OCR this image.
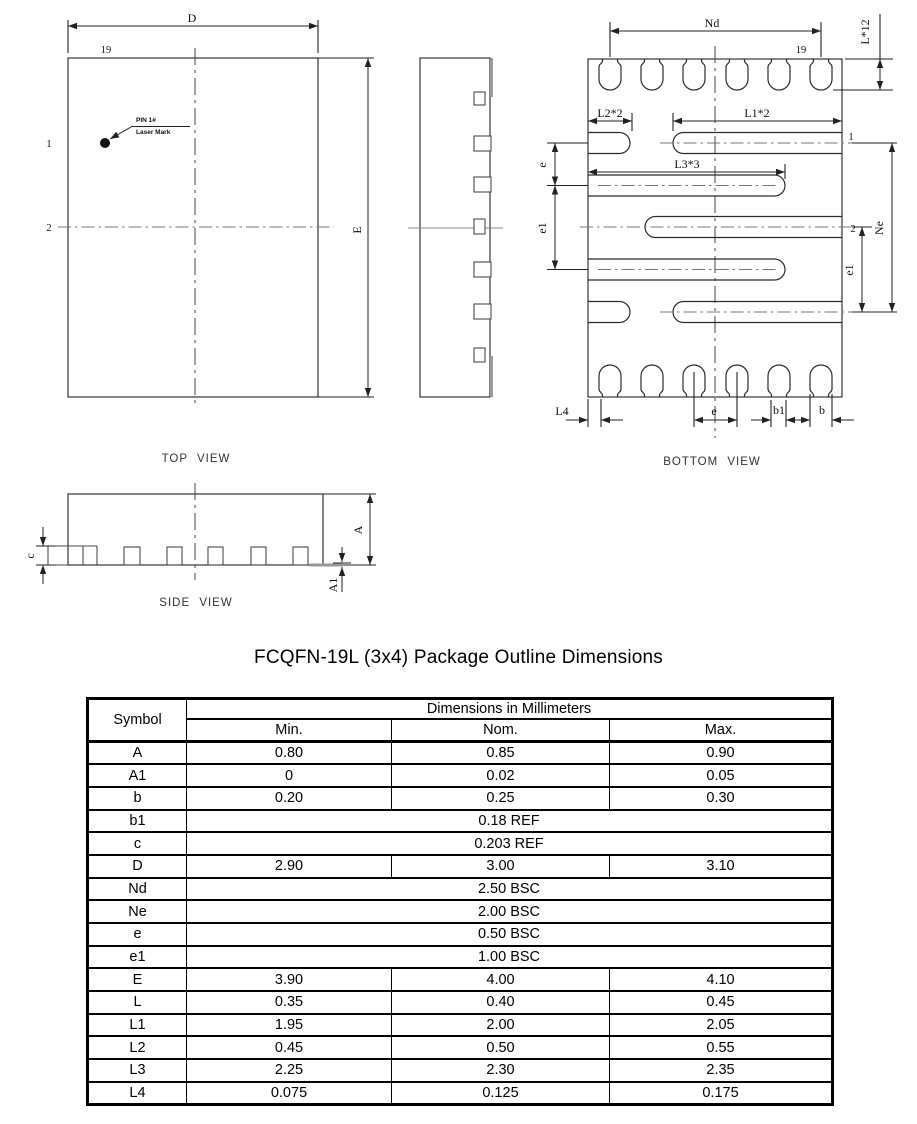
D
E
19
1
2
PIN 1#
Laser Mark
TOP VIEW
Nd
19
L*12
L2*2	L1*2
L3*3
e
e1	Ne
e1
1
2
L4	e	b1	b
BOTTOM VIEW
c
A
A1
SIDE VIEW
FCQFN-19L (3x4) Package Outline Dimensions
Symbol	Dimensions in Millimeters		
	Min.	Nom.	Max.
A	0.80	0.85	0.90
A1	0	0.02	0.05
b	0.20	0.25	0.30
b1	0.18 REF		
c	0.203 REF		
D	2.90	3.00	3.10
Nd	2.50 BSC		
Ne	2.00 BSC		
e	0.50 BSC		
e1	1.00 BSC		
E	3.90	4.00	4.10
L	0.35	0.40	0.45
L1	1.95	2.00	2.05
L2	0.45	0.50	0.55
L3	2.25	2.30	2.35
L4	0.075	0.125	0.175
